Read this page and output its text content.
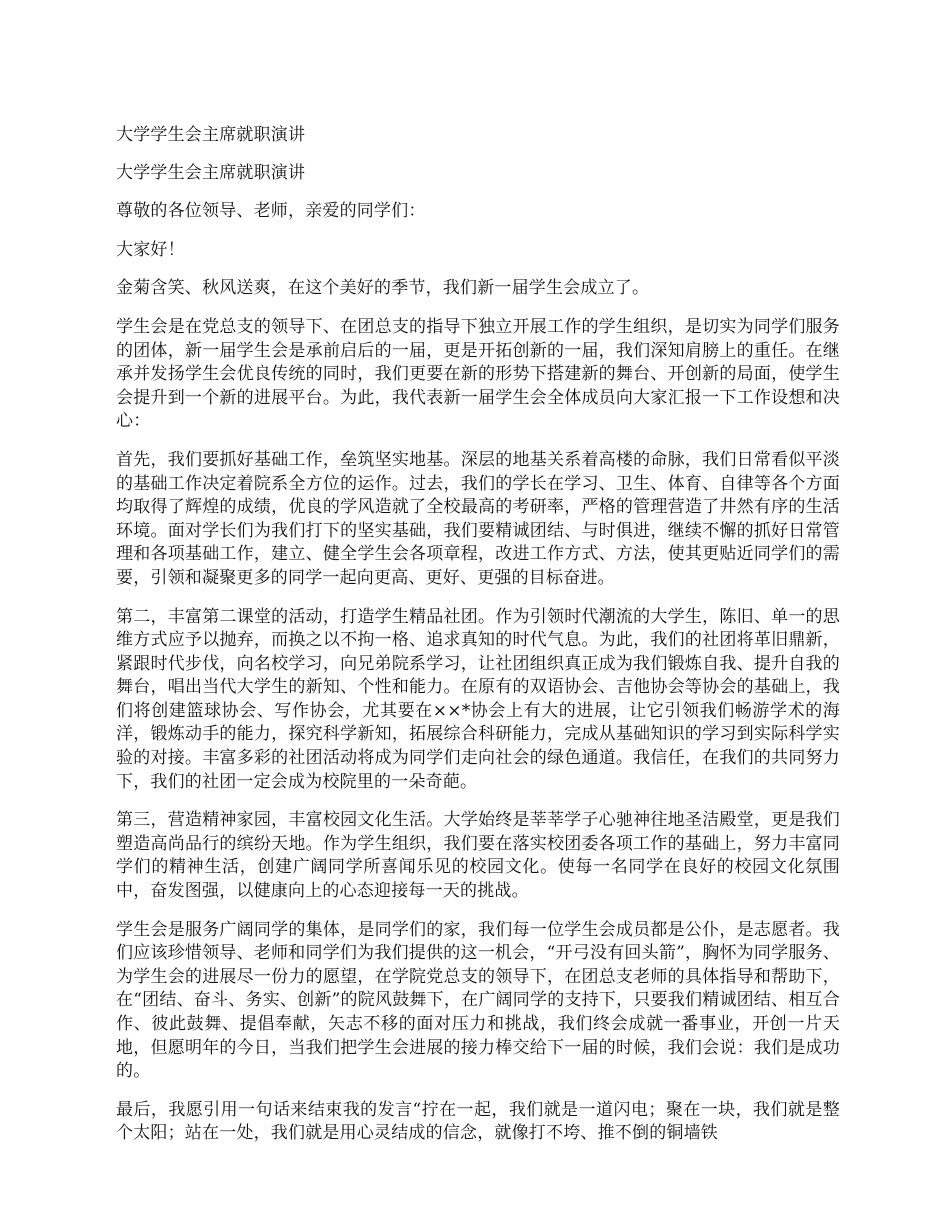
大学学生会主席就职演讲

大学学生会主席就职演讲

尊敬的各位领导、老师，亲爱的同学们：

大家好！

金菊含笑、秋风送爽，在这个美好的季节，我们新一届学生会成立了。

学生会是在党总支的领导下、在团总支的指导下独立开展工作的学生组织，是切实为同学们服务的团体，新一届学生会是承前启后的一届，更是开拓创新的一届，我们深知肩膀上的重任。在继承并发扬学生会优良传统的同时，我们更要在新的形势下搭建新的舞台、开创新的局面，使学生会提升到一个新的进展平台。为此，我代表新一届学生会全体成员向大家汇报一下工作设想和决心：

首先，我们要抓好基础工作，垒筑坚实地基。深层的地基关系着高楼的命脉，我们日常看似平淡的基础工作决定着院系全方位的运作。过去，我们的学长在学习、卫生、体育、自律等各个方面均取得了辉煌的成绩，优良的学风造就了全校最高的考研率，严格的管理营造了井然有序的生活环境。面对学长们为我们打下的坚实基础，我们要精诚团结、与时俱进，继续不懈的抓好日常管理和各项基础工作，建立、健全学生会各项章程，改进工作方式、方法，使其更贴近同学们的需要，引领和凝聚更多的同学一起向更高、更好、更强的目标奋进。

第二，丰富第二课堂的活动，打造学生精品社团。作为引领时代潮流的大学生，陈旧、单一的思维方式应予以抛弃，而换之以不拘一格、追求真知的时代气息。为此，我们的社团将革旧鼎新，紧跟时代步伐，向名校学习，向兄弟院系学习，让社团组织真正成为我们锻炼自我、提升自我的舞台，唱出当代大学生的新知、个性和能力。在原有的双语协会、吉他协会等协会的基础上，我们将创建篮球协会、写作协会，尤其要在××*协会上有大的进展，让它引领我们畅游学术的海洋，锻炼动手的能力，探究科学新知，拓展综合科研能力，完成从基础知识的学习到实际科学实验的对接。丰富多彩的社团活动将成为同学们走向社会的绿色通道。我信任，在我们的共同努力下，我们的社团一定会成为校院里的一朵奇葩。

第三，营造精神家园，丰富校园文化生活。大学始终是莘莘学子心驰神往地圣洁殿堂，更是我们塑造高尚品行的缤纷天地。作为学生组织，我们要在落实校团委各项工作的基础上，努力丰富同学们的精神生活，创建广阔同学所喜闻乐见的校园文化。使每一名同学在良好的校园文化氛围中，奋发图强，以健康向上的心态迎接每一天的挑战。

学生会是服务广阔同学的集体，是同学们的家，我们每一位学生会成员都是公仆，是志愿者。我们应该珍惜领导、老师和同学们为我们提供的这一机会，“开弓没有回头箭”，胸怀为同学服务、为学生会的进展尽一份力的愿望，在学院党总支的领导下，在团总支老师的具体指导和帮助下，在“团结、奋斗、务实、创新”的院风鼓舞下，在广阔同学的支持下，只要我们精诚团结、相互合作、彼此鼓舞、提倡奉献，矢志不移的面对压力和挑战，我们终会成就一番事业，开创一片天地，但愿明年的今日，当我们把学生会进展的接力棒交给下一届的时候，我们会说：我们是成功的。

最后，我愿引用一句话来结束我的发言“拧在一起，我们就是一道闪电；聚在一块，我们就是整个太阳；站在一处，我们就是用心灵结成的信念，就像打不垮、推不倒的铜墙铁
